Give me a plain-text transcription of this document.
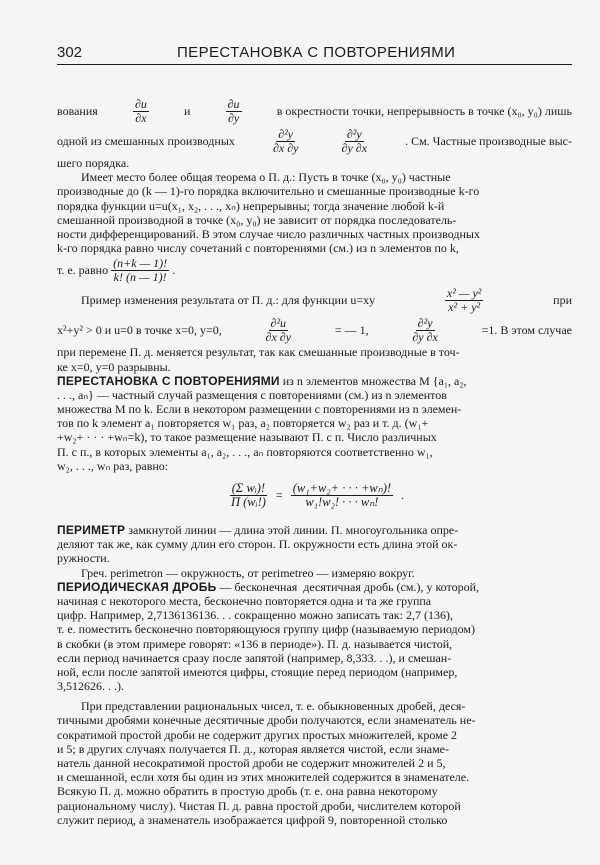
302	ПЕРЕСТАНОВКА С ПОВТОРЕНИЯМИ
вования	$\frac{\partial u}{\partial x}$	и	$\frac{\partial u}{\partial y}$	в окрестности точки, непрерывность в точке (x₀, y₀) лишь
одной из смешанных производных	$\frac{\text{∂²y}}{\partial x \partial y}$	$\frac{\text{∂²y}}{\partial y \partial x}$	. См. Частные производные выс-
шего порядка.
Имеет место более общая теорема о П. д.: Пусть в точке (x₀, y₀) частные
производные до (k — 1)-го порядка включительно и смешанные производные k-го
порядка функции u=u(x₁, x₂, . . ., xₙ) непрерывны; тогда значение любой k-й
смешанной производной в точке (x₀, y₀) не зависит от порядка последователь-
ности дифференцирований. В этом случае число различных частных производных
k-го порядка равно числу сочетаний с повторениями (см.) из n элементов по k,
т. е. равно $\frac{(n+k — 1)!}{k! (n — 1)!}$ .
Пример изменения результата от П. д.: для функции u=xy	$\frac{\text{x² — y²}}{\text{x² + y²}}$	при
x²+y² > 0 и u=0 в точке x=0, y=0,	$\frac{\text{∂²u}}{\partial x \partial y}$	= — 1,	$\frac{\text{∂²y}}{\partial y \partial x}$	=1. В этом случае
при перемене П. д. меняется результат, так как смешанные производные в точ-
ке x=0, y=0 разрывны.
ПЕРЕСТАНОВКА С ПОВТОРЕНИЯМИ из n элементов множества M {a₁, a₂,
. . ., aₙ} — частный случай размещения с повторениями (см.) из n элементов
множества M по k. Если в некотором размещении с повторениями из n элемен-
тов по k элемент a₁ повторяется w₁ раз, a₂ повторяется w₂ раз и т. д. (w₁+
+w₂+ · · · +wₙ=k), то такое размещение называют П. с п. Число различных
П. с п., в которых элементы a₁, a₂, . . ., aₙ повторяются соответственно w₁,
w₂, . . ., wₙ раз, равно:
$\frac{\text{(Σ wᵢ)!}}{\text{Π (wᵢ!)}} = \frac{\text{(w₁+w₂+ · · · +wₙ)!}}{\text{w₁!w₂! · · · wₙ!}}$ .
ПЕРИМЕТР замкнутой линии — длина этой линии. П. многоугольника опре-
деляют так же, как сумму длин его сторон. П. окружности есть длина этой ок-
ружности.
Греч. perimetron — окружность, от perimetreo — измеряю вокруг.
ПЕРИОДИЧЕСКАЯ ДРОБЬ — бесконечная  десятичная дробь (см.), у которой,
начиная с некоторого места, бесконечно повторяется одна и та же группа
цифр. Например, 2,7136136136. . . сокращенно можно записать так: 2,7 (136),
т. е. поместить бесконечно повторяющуюся группу цифр (называемую периодом)
в скобки (в этом примере говорят: «136 в периоде»). П. д. называется чистой,
если период начинается сразу после запятой (например, 8,333. . .), и смешан-
ной, если после запятой имеются цифры, стоящие перед периодом (например,
3,512626. . .).
При представлении рациональных чисел, т. е. обыкновенных дробей, деся-
тичными дробями конечные десятичные дроби получаются, если знаменатель не-
сократимой простой дроби не содержит других простых множителей, кроме 2
и 5; в других случаях получается П. д., которая является чистой, если знаме-
натель данной несократимой простой дроби не содержит множителей 2 и 5,
и смешанной, если хотя бы один из этих множителей содержится в знаменателе.
Всякую П. д. можно обратить в простую дробь (т. е. она равна некоторому
рациональному числу). Чистая П. д. равна простой дроби, числителем которой
служит период, а знаменатель изображается цифрой 9, повторенной столько
